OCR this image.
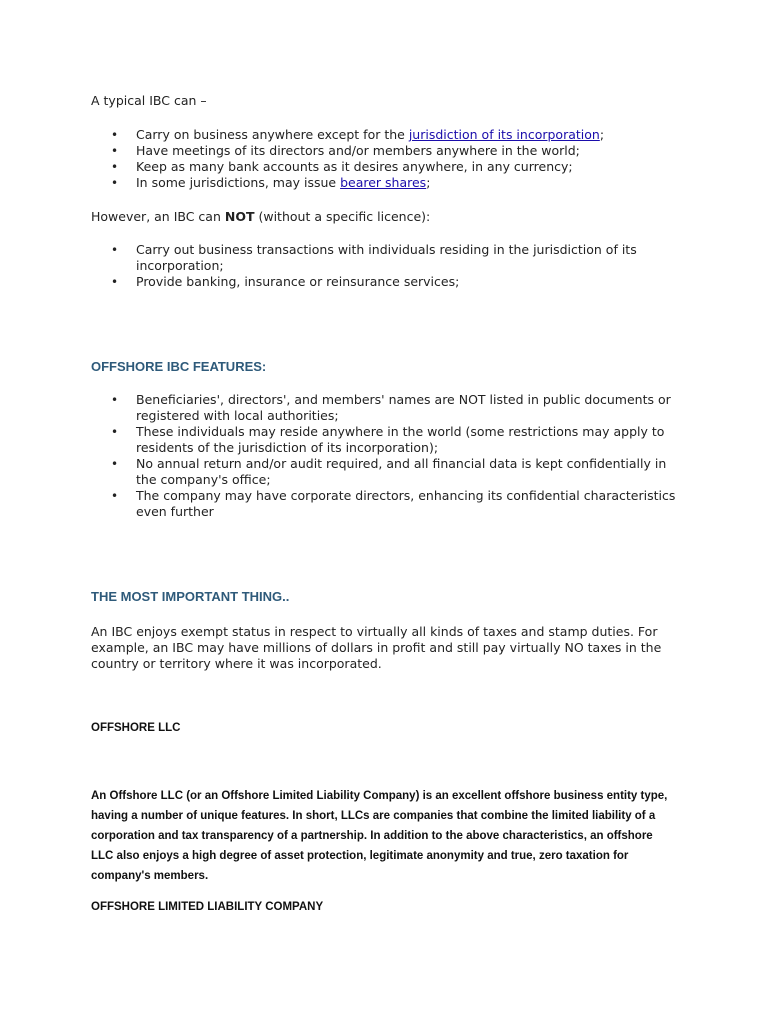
A typical IBC can –

• Carry on business anywhere except for the jurisdiction of its incorporation;
• Have meetings of its directors and/or members anywhere in the world;
• Keep as many bank accounts as it desires anywhere, in any currency;
• In some jurisdictions, may issue bearer shares;

However, an IBC can NOT (without a specific licence):

• Carry out business transactions with individuals residing in the jurisdiction of its
incorporation;
• Provide banking, insurance or reinsurance services;

OFFSHORE IBC FEATURES:

• Beneficiaries', directors', and members' names are NOT listed in public documents or
registered with local authorities;
• These individuals may reside anywhere in the world (some restrictions may apply to
residents of the jurisdiction of its incorporation);
• No annual return and/or audit required, and all financial data is kept confidentially in
the company's office;
• The company may have corporate directors, enhancing its confidential characteristics
even further

THE MOST IMPORTANT THING..

An IBC enjoys exempt status in respect to virtually all kinds of taxes and stamp duties. For
example, an IBC may have millions of dollars in profit and still pay virtually NO taxes in the
country or territory where it was incorporated.

OFFSHORE LLC

An Offshore LLC (or an Offshore Limited Liability Company) is an excellent offshore business entity type,
having a number of unique features. In short, LLCs are companies that combine the limited liability of a
corporation and tax transparency of a partnership. In addition to the above characteristics, an offshore
LLC also enjoys a high degree of asset protection, legitimate anonymity and true, zero taxation for
company's members.

OFFSHORE LIMITED LIABILITY COMPANY
